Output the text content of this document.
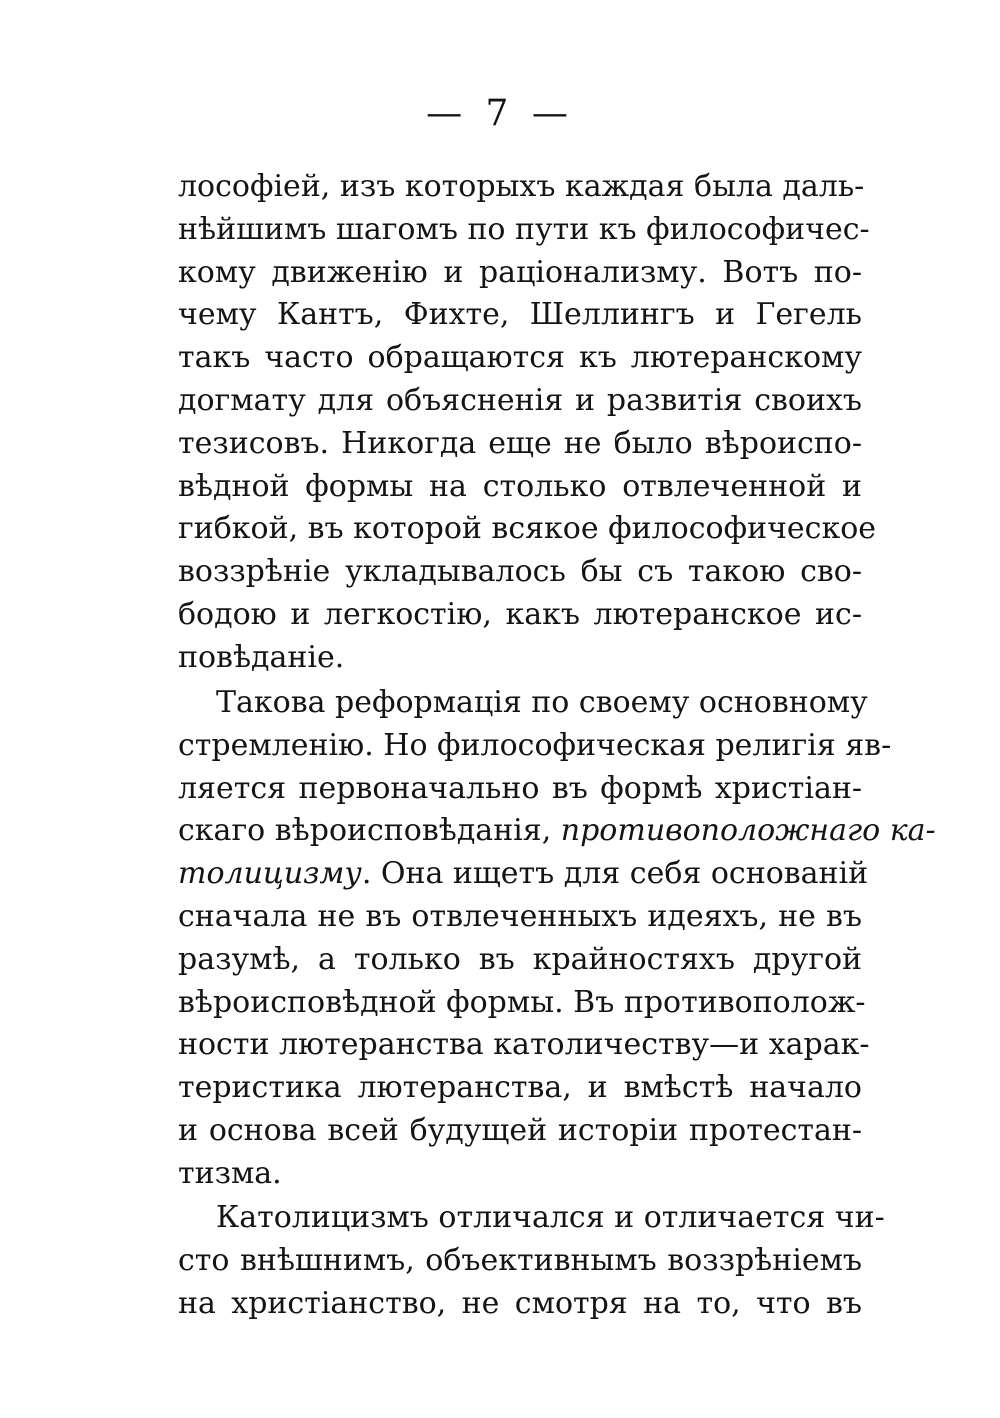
— 7 —
лософіей, изъ которыхъ каждая была даль-
нѣйшимъ шагомъ по пути къ философичес-
кому движенію и раціонализму. Вотъ по-
чему Кантъ, Фихте, Шеллингъ и Гегель
такъ часто обращаются къ лютеранскому
догмату для объясненія и развитія своихъ
тезисовъ. Никогда еще не было вѣроиспо-
вѣдной формы на столько отвлеченной и
гибкой, въ которой всякое философическое
воззрѣніе укладывалось бы съ такою сво-
бодою и легкостію, какъ лютеранское ис-
повѣданіе.
Такова реформація по своему основному
стремленію. Но философическая религія яв-
ляется первоначально въ формѣ христіан-
скаго вѣроисповѣданія, противоположнаго ка-
толицизму. Она ищетъ для себя основаній
сначала не въ отвлеченныхъ идеяхъ, не въ
разумѣ, а только въ крайностяхъ другой
вѣроисповѣдной формы. Въ противополож-
ности лютеранства католичеству—и харак-
теристика лютеранства, и вмѣстѣ начало
и основа всей будущей исторіи протестан-
тизма.
Католицизмъ отличался и отличается чи-
сто внѣшнимъ, объективнымъ воззрѣніемъ
на христіанство, не смотря на то, что въ
